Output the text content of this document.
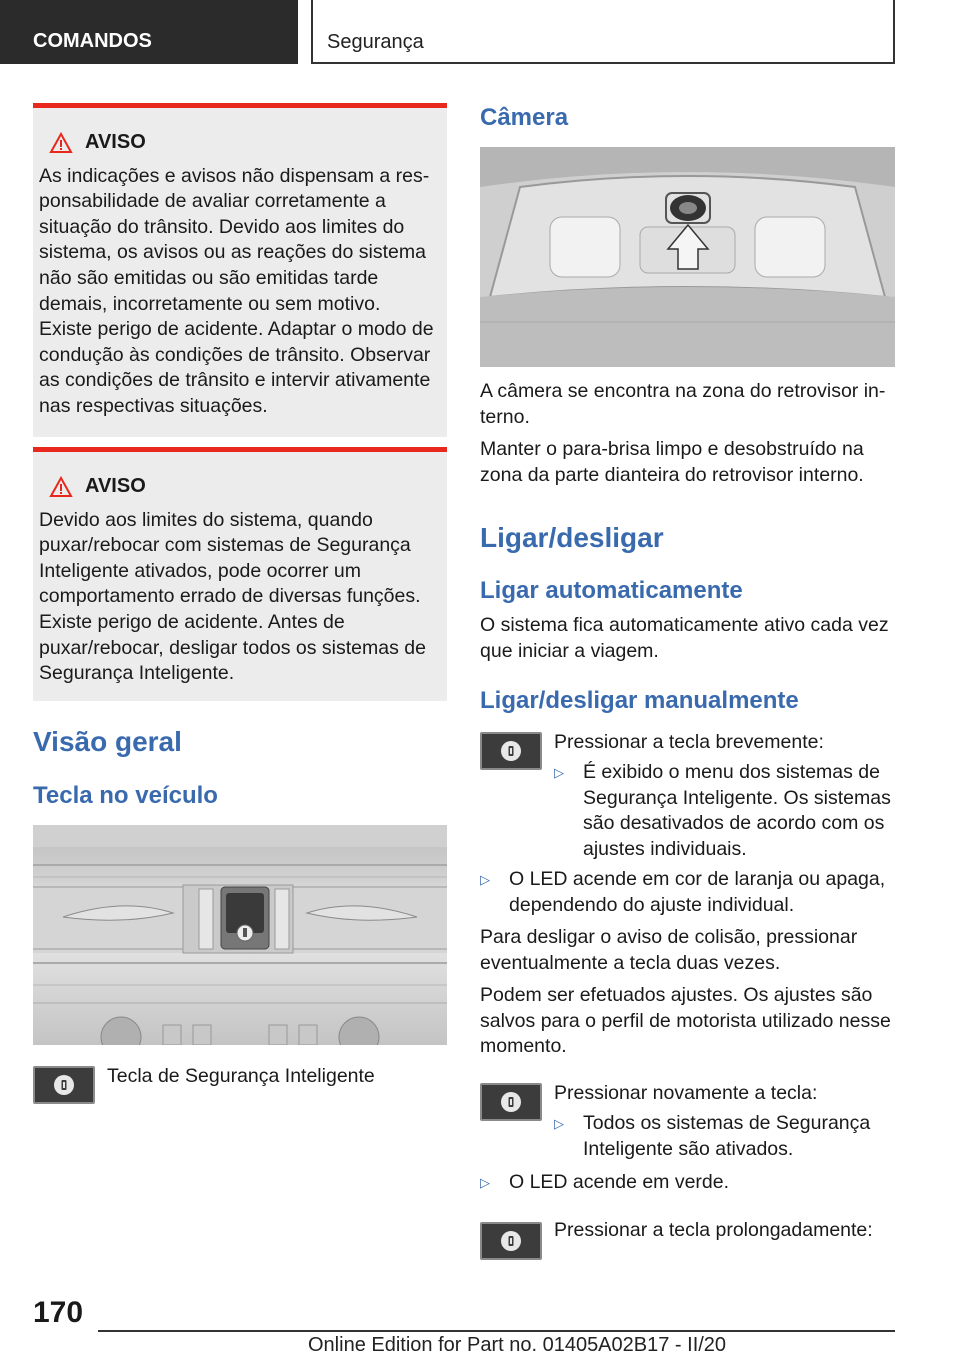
COMANDOS	Segurança
AVISO
As indicações e avisos não dispensam a responsabilidade de avaliar corretamente a situação do trânsito. Devido aos limites do sistema, os avisos ou as reações do sistema não são emitidas ou são emitidas tarde demais, incorretamente ou sem motivo. Existe perigo de acidente. Adaptar o modo de condução às condições de trânsito. Observar as condições de trânsito e intervir ativamente nas respectivas situações.
AVISO
Devido aos limites do sistema, quando puxar/rebocar com sistemas de Segurança Inteligente ativados, pode ocorrer um comportamento errado de diversas funções. Existe perigo de acidente. Antes de puxar/rebocar, desligar todos os sistemas de Segurança Inteligente.
Visão geral
Tecla no veículo
Tecla de Segurança Inteligente
Câmera
A câmera se encontra na zona do retrovisor interno.
Manter o para-brisa limpo e desobstruído na zona da parte dianteira do retrovisor interno.
Ligar/desligar
Ligar automaticamente
O sistema fica automaticamente ativo cada vez que iniciar a viagem.
Ligar/desligar manualmente
Pressionar a tecla brevemente:
▷ É exibido o menu dos sistemas de Segurança Inteligente. Os sistemas são desativados de acordo com os ajustes individuais.
▷ O LED acende em cor de laranja ou apaga, dependendo do ajuste individual.
Para desligar o aviso de colisão, pressionar eventualmente a tecla duas vezes.
Podem ser efetuados ajustes. Os ajustes são salvos para o perfil de motorista utilizado nesse momento.
Pressionar novamente a tecla:
▷ Todos os sistemas de Segurança Inteligente são ativados.
▷ O LED acende em verde.
Pressionar a tecla prolongadamente:
170
Online Edition for Part no. 01405A02B17 - II/20
